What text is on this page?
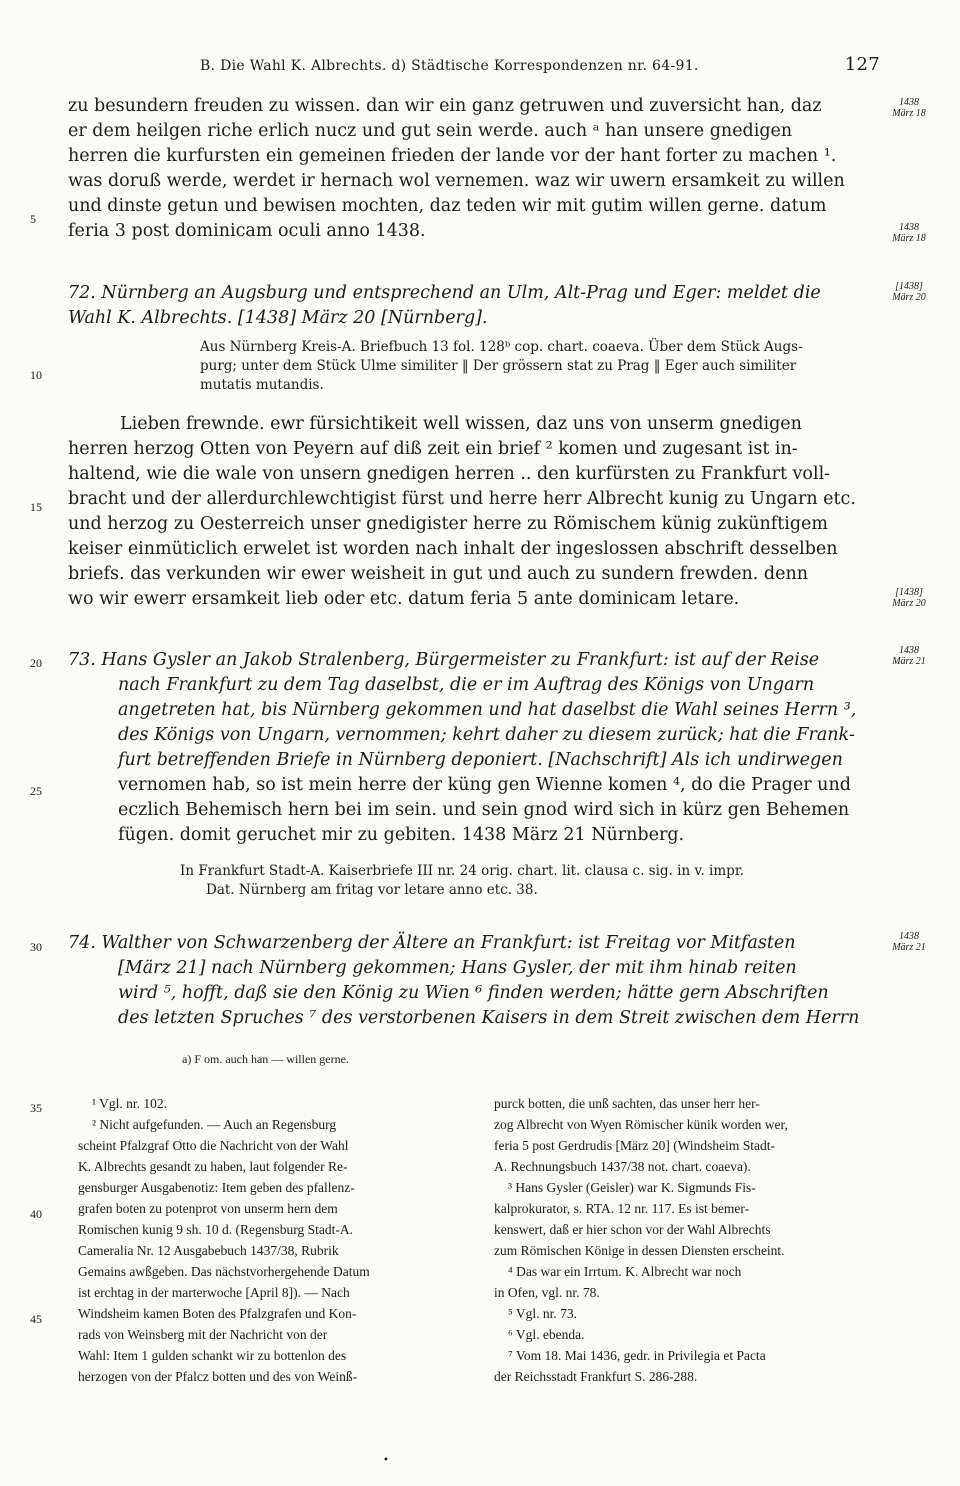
B. Die Wahl K. Albrechts. d) Städtische Korrespondenzen nr. 64-91.	127
zu besundern freuden zu wissen. dan wir ein ganz getruwen und zuversicht han, daz
er dem heilgen riche erlich nucz und gut sein werde. auch ᵃ han unsere gnedigen
herren die kurfursten ein gemeinen frieden der lande vor der hant forter zu machen ¹.
was doruß werde, werdet ir hernach wol vernemen. waz wir uwern ersamkeit zu willen
und dinste getun und bewisen mochten, daz teden wir mit gutim willen gerne. datum
feria 3 post dominicam oculi anno 1438.
72. Nürnberg an Augsburg und entsprechend an Ulm, Alt-Prag und Eger: meldet die
Wahl K. Albrechts. [1438] März 20 [Nürnberg].
Aus Nürnberg Kreis-A. Briefbuch 13 fol. 128ᵇ cop. chart. coaeva. Über dem Stück Augs-
purg; unter dem Stück Ulme similiter ‖ Der grössern stat zu Prag ‖ Eger auch similiter
mutatis mutandis.
Lieben frewnde. ewr fürsichtikeit well wissen, daz uns von unserm gnedigen
herren herzog Otten von Peyern auf diß zeit ein brief ² komen und zugesant ist in-
haltend, wie die wale von unsern gnedigen herren .. den kurfürsten zu Frankfurt voll-
bracht und der allerdurchlewchtigist fürst und herre herr Albrecht kunig zu Ungarn etc.
und herzog zu Oesterreich unser gnedigister herre zu Römischem künig zukünftigem
keiser einmüticlich erwelet ist worden nach inhalt der ingeslossen abschrift desselben
briefs. das verkunden wir ewer weisheit in gut und auch zu sundern frewden. denn
wo wir ewerr ersamkeit lieb oder etc. datum feria 5 ante dominicam letare.
73. Hans Gysler an Jakob Stralenberg, Bürgermeister zu Frankfurt: ist auf der Reise
nach Frankfurt zu dem Tag daselbst, die er im Auftrag des Königs von Ungarn
angetreten hat, bis Nürnberg gekommen und hat daselbst die Wahl seines Herrn ³,
des Königs von Ungarn, vernommen; kehrt daher zu diesem zurück; hat die Frank-
furt betreffenden Briefe in Nürnberg deponiert. [Nachschrift] Als ich undirwegen
vernomen hab, so ist mein herre der küng gen Wienne komen ⁴, do die Prager und
eczlich Behemisch hern bei im sein. und sein gnod wird sich in kürz gen Behemen
fügen. domit geruchet mir zu gebiten. 1438 März 21 Nürnberg.
In Frankfurt Stadt-A. Kaiserbriefe III nr. 24 orig. chart. lit. clausa c. sig. in v. impr.
Dat. Nürnberg am fritag vor letare anno etc. 38.
74. Walther von Schwarzenberg der Ältere an Frankfurt: ist Freitag vor Mitfasten
[März 21] nach Nürnberg gekommen; Hans Gysler, der mit ihm hinab reiten
wird ⁵, hofft, daß sie den König zu Wien ⁶ finden werden; hätte gern Abschriften
des letzten Spruches ⁷ des verstorbenen Kaisers in dem Streit zwischen dem Herrn
a) F om. auch han — willen gerne.
¹ Vgl. nr. 102.
² Nicht aufgefunden. — Auch an Regensburg
scheint Pfalzgraf Otto die Nachricht von der Wahl
K. Albrechts gesandt zu haben, laut folgender Re-
gensburger Ausgabenotiz: Item geben des pfallenz-
grafen boten zu potenprot von unserm hern dem
Romischen kunig 9 sh. 10 d. (Regensburg Stadt-A.
Cameralia Nr. 12 Ausgabebuch 1437/38, Rubrik
Gemains awßgeben. Das nächstvorhergehende Datum
ist erchtag in der marterwoche [April 8]). — Nach
Windsheim kamen Boten des Pfalzgrafen und Kon-
rads von Weinsberg mit der Nachricht von der
Wahl: Item 1 gulden schankt wir zu bottenlon des
herzogen von der Pfalcz botten und des von Weinß-
purck botten, die unß sachten, das unser herr her-
zog Albrecht von Wyen Römischer künik worden wer,
feria 5 post Gerdrudis [März 20] (Windsheim Stadt-
A. Rechnungsbuch 1437/38 not. chart. coaeva).
³ Hans Gysler (Geisler) war K. Sigmunds Fis-
kalprokurator, s. RTA. 12 nr. 117. Es ist bemer-
kenswert, daß er hier schon vor der Wahl Albrechts
zum Römischen Könige in dessen Diensten erscheint.
⁴ Das war ein Irrtum. K. Albrecht war noch
in Ofen, vgl. nr. 78.
⁵ Vgl. nr. 73.
⁶ Vgl. ebenda.
⁷ Vom 18. Mai 1436, gedr. in Privilegia et Pacta
der Reichsstadt Frankfurt S. 286-288.
1438
März 18
1438
März 18
[1438]
März 20
[1438]
März 20
1438
März 21
1438
März 21
5
10
15
20
25
30
35
40
45
•
